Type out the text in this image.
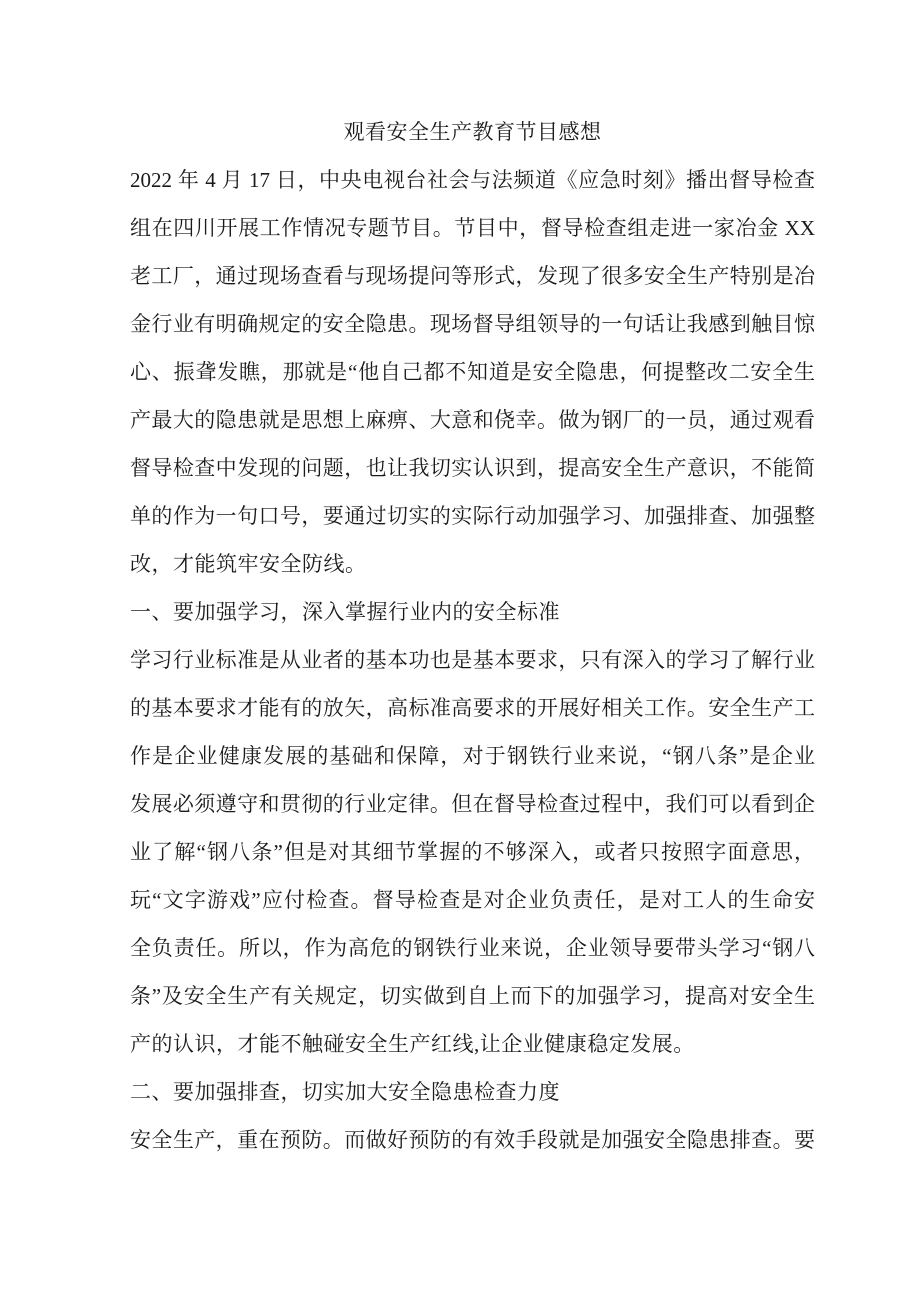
观看安全生产教育节目感想
2022 年 4 月 17 日，中央电视台社会与法频道《应急时刻》播出督导检查
组在四川开展工作情况专题节目。节目中，督导检查组走进一家冶金 XX
老工厂，通过现场查看与现场提问等形式，发现了很多安全生产特别是冶
金行业有明确规定的安全隐患。现场督导组领导的一句话让我感到触目惊
心、振聋发瞧，那就是“他自己都不知道是安全隐患，何提整改二安全生
产最大的隐患就是思想上麻痹、大意和侥幸。做为钢厂的一员，通过观看
督导检查中发现的问题，也让我切实认识到，提高安全生产意识，不能简
单的作为一句口号，要通过切实的实际行动加强学习、加强排查、加强整
改，才能筑牢安全防线。
一、要加强学习，深入掌握行业内的安全标准
学习行业标准是从业者的基本功也是基本要求，只有深入的学习了解行业
的基本要求才能有的放矢，高标准高要求的开展好相关工作。安全生产工
作是企业健康发展的基础和保障，对于钢铁行业来说，“钢八条”是企业
发展必须遵守和贯彻的行业定律。但在督导检查过程中，我们可以看到企
业了解“钢八条”但是对其细节掌握的不够深入，或者只按照字面意思，
玩“文字游戏”应付检查。督导检查是对企业负责任，是对工人的生命安
全负责任。所以，作为高危的钢铁行业来说，企业领导要带头学习“钢八
条”及安全生产有关规定，切实做到自上而下的加强学习，提高对安全生
产的认识，才能不触碰安全生产红线,让企业健康稳定发展。
二、要加强排查，切实加大安全隐患检查力度
安全生产，重在预防。而做好预防的有效手段就是加强安全隐患排查。要
